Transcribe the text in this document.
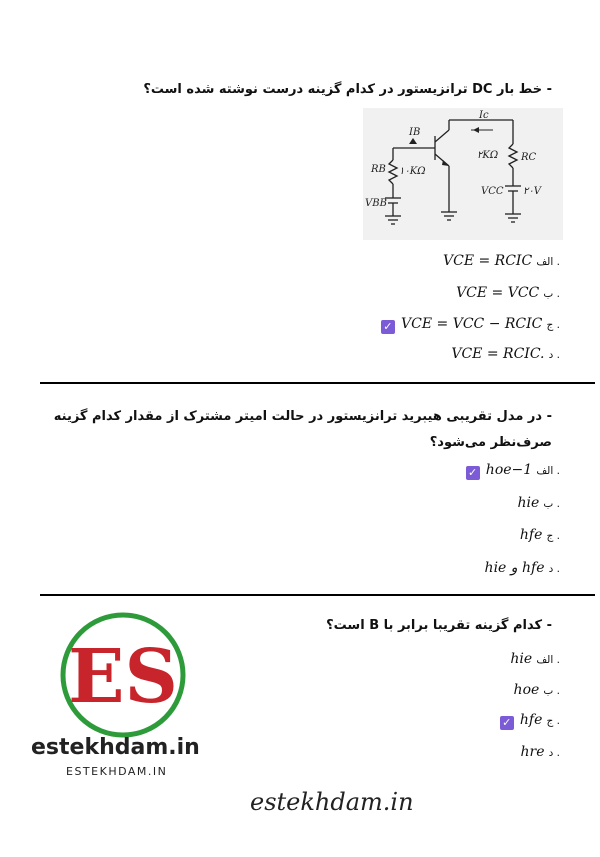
- خط بار DC ترانزیستور در کدام گزینه درست نوشته شده است؟
IB
Ic
RB ۱۰KΩ
۲KΩ RC
VBB
VCC ۲۰V
VCE = RCIC الف .
VCE = VCC ب .
✓ VCE = VCC − RCIC ج .
VCE = RCIC. د .
- در مدل تقریبی هیبرید ترانزیستور در حالت امیتر مشترک از مقدار کدام گزینه صرف‌نظر می‌شود؟
✓ hoe−1 الف .
hie ب .
hfe ج .
hie و hfe د .
- کدام گزینه تقریبا برابر با B است؟
hie الف .
hoe ب .
✓ hfe ج .
hre د .
ES
estekhdam.in
ESTEKHDAM.IN
estekhdam.in
